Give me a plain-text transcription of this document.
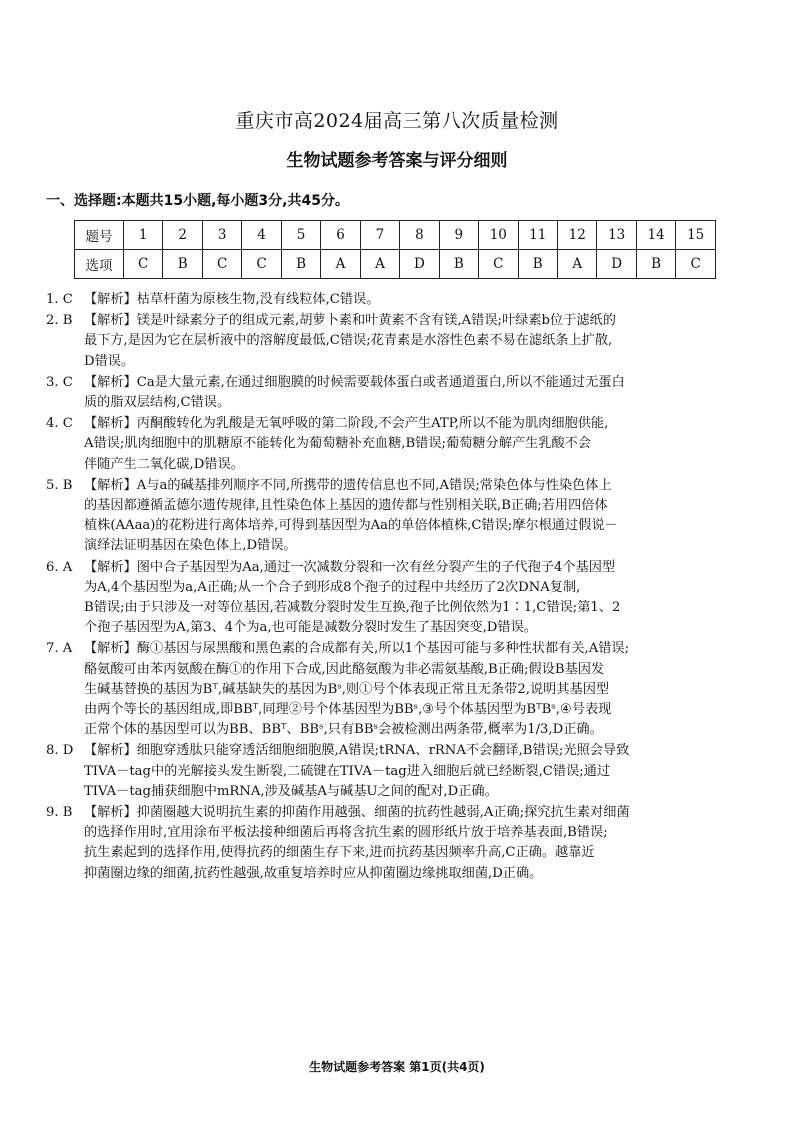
重庆市高2024届高三第八次质量检测
生物试题参考答案与评分细则
一、选择题:本题共15小题,每小题3分,共45分。
题号	1	2	3	4	5	6	7	8	9	10	11	12	13	14	15
选项	C	B	C	C	B	A	A	D	B	C	B	A	D	B	C
1. C 【解析】枯草杆菌为原核生物,没有线粒体,C错误。
2. B 【解析】镁是叶绿素分子的组成元素,胡萝卜素和叶黄素不含有镁,A错误;叶绿素b位于滤纸的
最下方,是因为它在层析液中的溶解度最低,C错误;花青素是水溶性色素不易在滤纸条上扩散,
D错误。
3. C 【解析】Ca是大量元素,在通过细胞膜的时候需要载体蛋白或者通道蛋白,所以不能通过无蛋白
质的脂双层结构,C错误。
4. C 【解析】丙酮酸转化为乳酸是无氧呼吸的第二阶段,不会产生ATP,所以不能为肌肉细胞供能,
A错误;肌肉细胞中的肌糖原不能转化为葡萄糖补充血糖,B错误;葡萄糖分解产生乳酸不会
伴随产生二氧化碳,D错误。
5. B 【解析】A与a的碱基排列顺序不同,所携带的遗传信息也不同,A错误;常染色体与性染色体上
的基因都遵循孟德尔遗传规律,且性染色体上基因的遗传都与性别相关联,B正确;若用四倍体
植株(AAaa)的花粉进行离体培养,可得到基因型为Aa的单倍体植株,C错误;摩尔根通过假说－
演绎法证明基因在染色体上,D错误。
6. A 【解析】图中合子基因型为Aa,通过一次减数分裂和一次有丝分裂产生的子代孢子4个基因型
为A,4个基因型为a,A正确;从一个合子到形成8个孢子的过程中共经历了2次DNA复制,
B错误;由于只涉及一对等位基因,若减数分裂时发生互换,孢子比例依然为1∶1,C错误;第1、2
个孢子基因型为A,第3、4个为a,也可能是减数分裂时发生了基因突变,D错误。
7. A 【解析】酶①基因与尿黑酸和黑色素的合成都有关,所以1个基因可能与多种性状都有关,A错误;
酪氨酸可由苯丙氨酸在酶①的作用下合成,因此酪氨酸为非必需氨基酸,B正确;假设B基因发
生碱基替换的基因为Bᵀ,碱基缺失的基因为Bˢ,则①号个体表现正常且无条带2,说明其基因型
由两个等长的基因组成,即BBᵀ,同理②号个体基因型为BBˢ,③号个体基因型为BᵀBˢ,④号表现
正常个体的基因型可以为BB、BBᵀ、BBˢ,只有BBˢ会被检测出两条带,概率为1/3,D正确。
8. D 【解析】细胞穿透肽只能穿透活细胞细胞膜,A错误;tRNA、rRNA不会翻译,B错误;光照会导致
TIVA－tag中的光解接头发生断裂,二硫键在TIVA－tag进入细胞后就已经断裂,C错误;通过
TIVA－tag捕获细胞中mRNA,涉及碱基A与碱基U之间的配对,D正确。
9. B 【解析】抑菌圈越大说明抗生素的抑菌作用越强、细菌的抗药性越弱,A正确;探究抗生素对细菌
的选择作用时,宜用涂布平板法接种细菌后再将含抗生素的圆形纸片放于培养基表面,B错误;
抗生素起到的选择作用,使得抗药的细菌生存下来,进而抗药基因频率升高,C正确。越靠近
抑菌圈边缘的细菌,抗药性越强,故重复培养时应从抑菌圈边缘挑取细菌,D正确。
生物试题参考答案 第1页(共4页)
